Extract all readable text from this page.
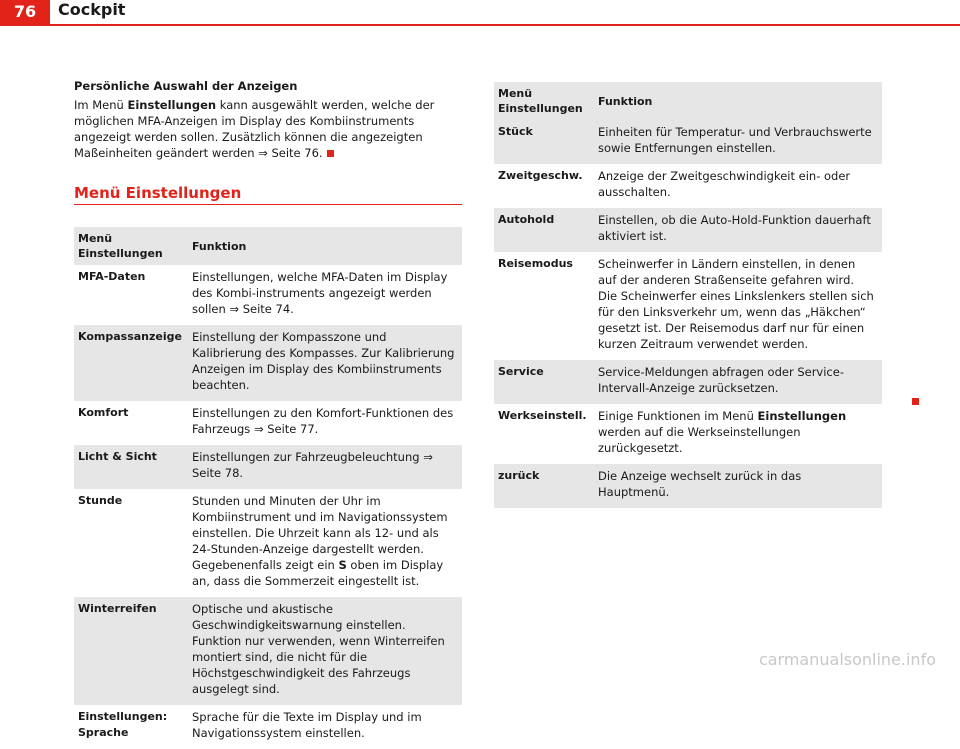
76	Cockpit

Persönliche Auswahl der Anzeigen

Im Menü Einstellungen kann ausgewählt werden, welche der möglichen MFA-Anzeigen im Display des Kombiinstruments angezeigt werden sollen. Zusätzlich können die angezeigten Maßeinheiten geändert werden ⇒ Seite 76.

Menü Einstellungen
Menü Einstellungen	Funktion
MFA-Daten	Einstellungen, welche MFA-Daten im Display des Kombi-instruments angezeigt werden sollen ⇒ Seite 74.
Kompassanzeige	Einstellung der Kompasszone und Kalibrierung des Kompasses. Zur Kalibrierung Anzeigen im Display des Kombiinstruments beachten.
Komfort	Einstellungen zu den Komfort-Funktionen des Fahrzeugs ⇒ Seite 77.
Licht & Sicht	Einstellungen zur Fahrzeugbeleuchtung ⇒ Seite 78.
Stunde	Stunden und Minuten der Uhr im Kombiinstrument und im Navigationssystem einstellen. Die Uhrzeit kann als 12- und als 24-Stunden-Anzeige dargestellt werden. Gegebenenfalls zeigt ein S oben im Display an, dass die Sommerzeit eingestellt ist.
Winterreifen	Optische und akustische Geschwindigkeitswarnung einstellen. Funktion nur verwenden, wenn Winterreifen montiert sind, die nicht für die Höchstgeschwindigkeit des Fahrzeugs ausgelegt sind.
Einstellungen: Sprache	Sprache für die Texte im Display und im Navigationssystem einstellen.
Menü Einstellungen	Funktion
Stück	Einheiten für Temperatur- und Verbrauchswerte sowie Entfernungen einstellen.
Zweitgeschw.	Anzeige der Zweitgeschwindigkeit ein- oder ausschalten.
Autohold	Einstellen, ob die Auto-Hold-Funktion dauerhaft aktiviert ist.
Reisemodus	Scheinwerfer in Ländern einstellen, in denen auf der anderen Straßenseite gefahren wird. Die Scheinwerfer eines Linkslenkers stellen sich für den Linksverkehr um, wenn das „Häkchen“ gesetzt ist. Der Reisemodus darf nur für einen kurzen Zeitraum verwendet werden.
Service	Service-Meldungen abfragen oder Service-Intervall-Anzeige zurücksetzen.
Werkseinstell.	Einige Funktionen im Menü Einstellungen werden auf die Werkseinstellungen zurückgesetzt.
zurück	Die Anzeige wechselt zurück in das Hauptmenü.
carmanualsonline.info
